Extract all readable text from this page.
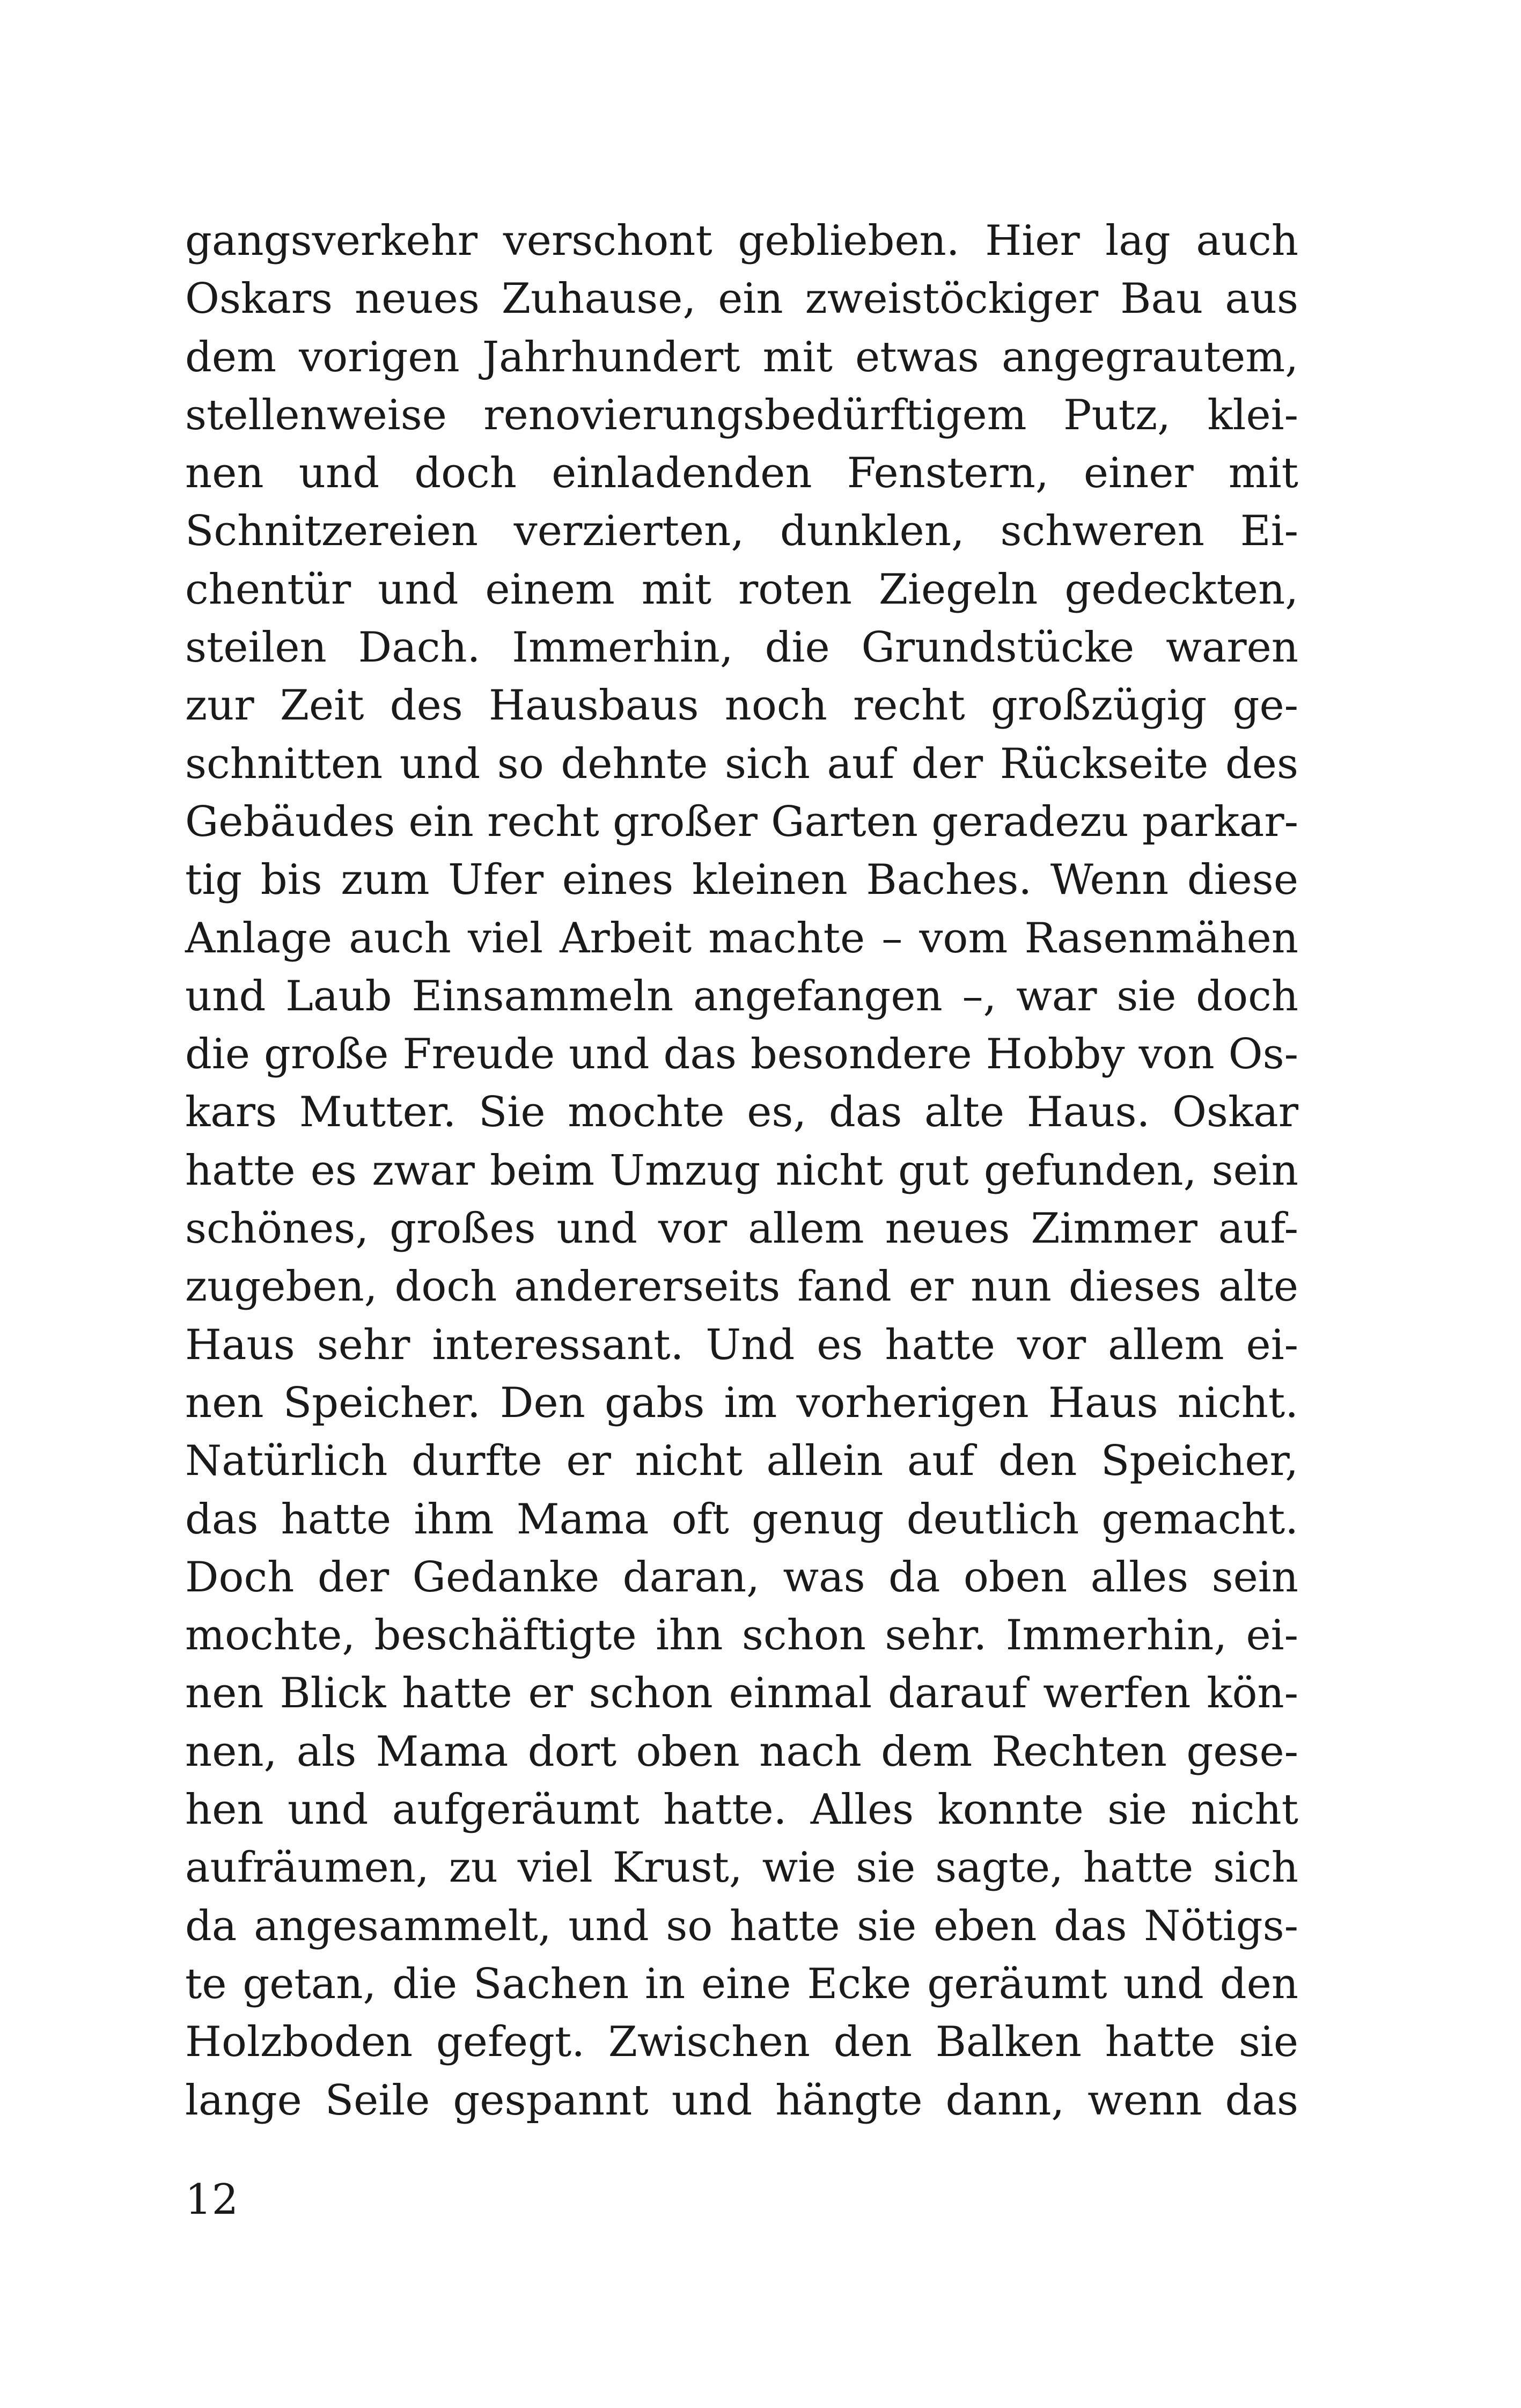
gangsverkehr verschont geblieben. Hier lag auch
Oskars neues Zuhause, ein zweistöckiger Bau aus
dem vorigen Jahrhundert mit etwas angegrautem,
stellenweise renovierungsbedürftigem Putz, klei-
nen und doch einladenden Fenstern, einer mit
Schnitzereien verzierten, dunklen, schweren Ei-
chentür und einem mit roten Ziegeln gedeckten,
steilen Dach. Immerhin, die Grundstücke waren
zur Zeit des Hausbaus noch recht großzügig ge-
schnitten und so dehnte sich auf der Rückseite des
Gebäudes ein recht großer Garten geradezu parkar-
tig bis zum Ufer eines kleinen Baches. Wenn diese
Anlage auch viel Arbeit machte – vom Rasenmähen
und Laub Einsammeln angefangen –, war sie doch
die große Freude und das besondere Hobby von Os-
kars Mutter. Sie mochte es, das alte Haus. Oskar
hatte es zwar beim Umzug nicht gut gefunden, sein
schönes, großes und vor allem neues Zimmer auf-
zugeben, doch andererseits fand er nun dieses alte
Haus sehr interessant. Und es hatte vor allem ei-
nen Speicher. Den gabs im vorherigen Haus nicht.
Natürlich durfte er nicht allein auf den Speicher,
das hatte ihm Mama oft genug deutlich gemacht.
Doch der Gedanke daran, was da oben alles sein
mochte, beschäftigte ihn schon sehr. Immerhin, ei-
nen Blick hatte er schon einmal darauf werfen kön-
nen, als Mama dort oben nach dem Rechten gese-
hen und aufgeräumt hatte. Alles konnte sie nicht
aufräumen, zu viel Krust, wie sie sagte, hatte sich
da angesammelt, und so hatte sie eben das Nötigs-
te getan, die Sachen in eine Ecke geräumt und den
Holzboden gefegt. Zwischen den Balken hatte sie
lange Seile gespannt und hängte dann, wenn das
12
